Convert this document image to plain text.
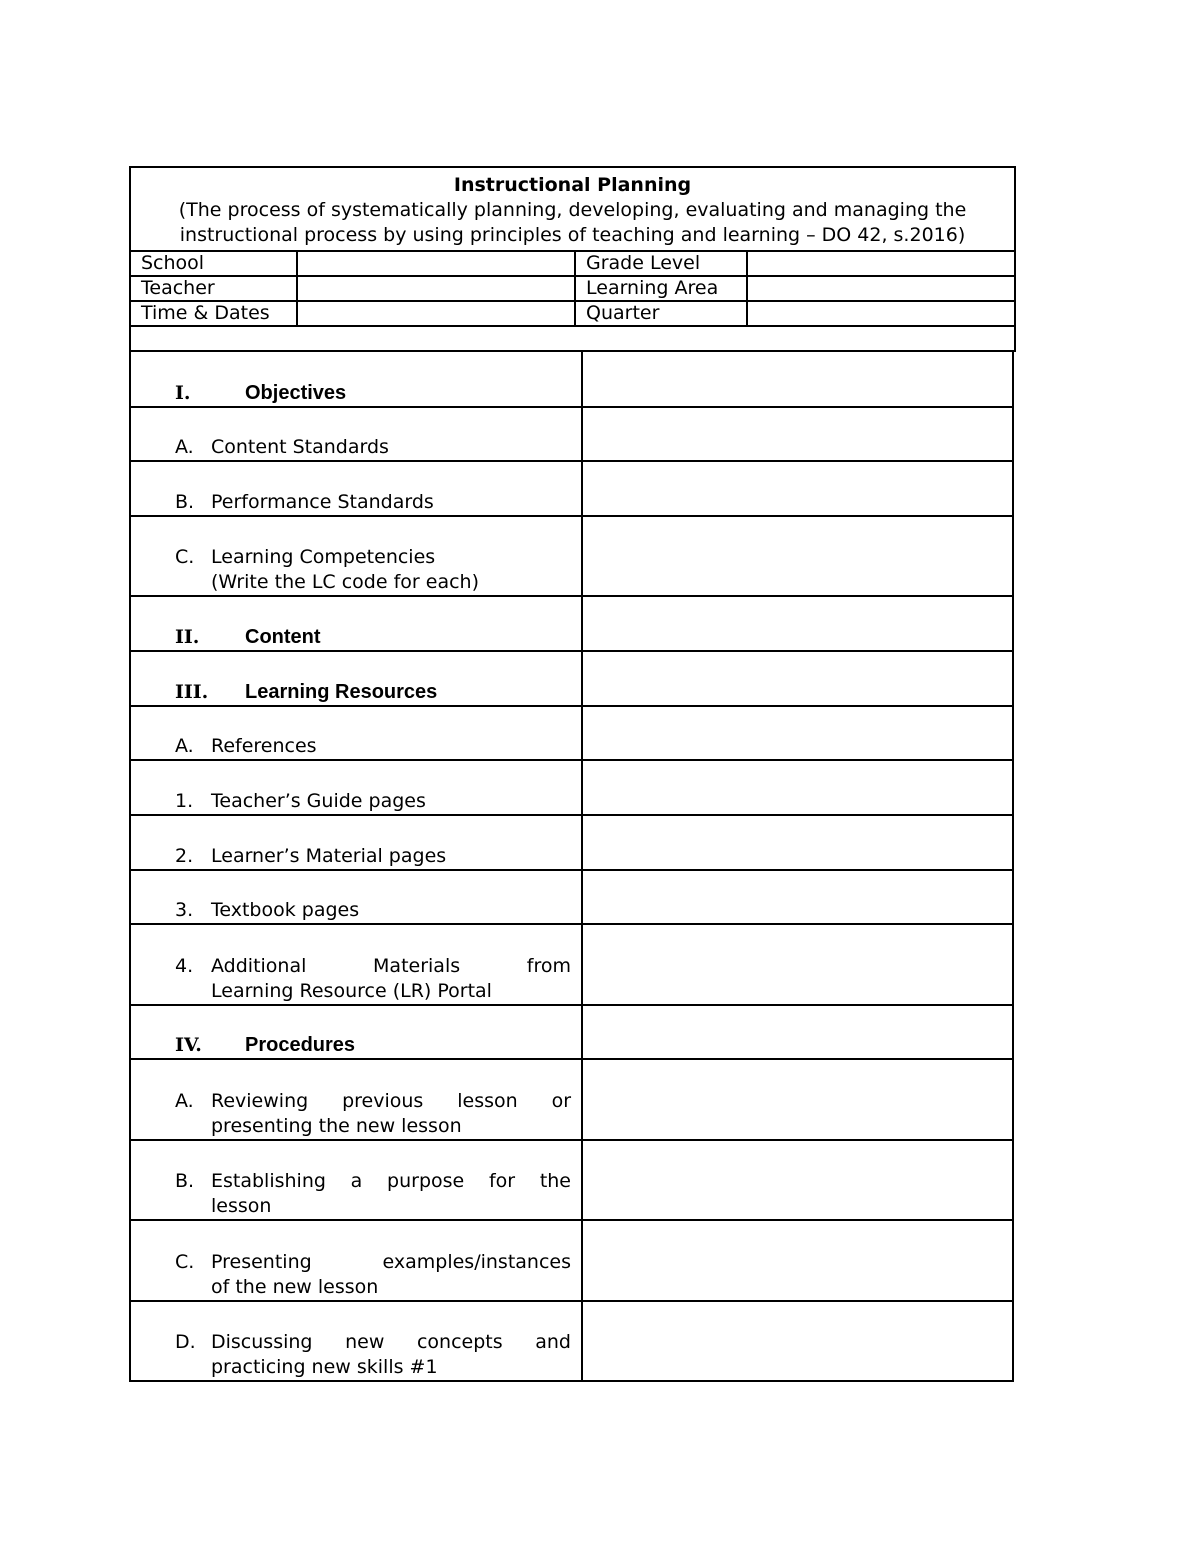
Instructional Planning
(The process of systematically planning, developing, evaluating and managing the
instructional process by using principles of teaching and learning – DO 42, s.2016)			

School		Grade Level	
Teacher		Learning Area	
Time & Dates		Quarter	

I. Objectives	

A. Content Standards	

B. Performance Standards	

C. Learning Competencies
(Write the LC code for each)	

II. Content	

III. Learning Resources	

A. References	

1. Teacher’s Guide pages	

2. Learner’s Material pages	

3. Textbook pages	

4. Additional Materials from
Learning Resource (LR) Portal	

IV. Procedures	

A. Reviewing previous lesson or
presenting the new lesson	

B. Establishing a purpose for the
lesson	

C. Presenting examples/instances
of the new lesson	

D. Discussing new concepts and
practicing new skills #1	
